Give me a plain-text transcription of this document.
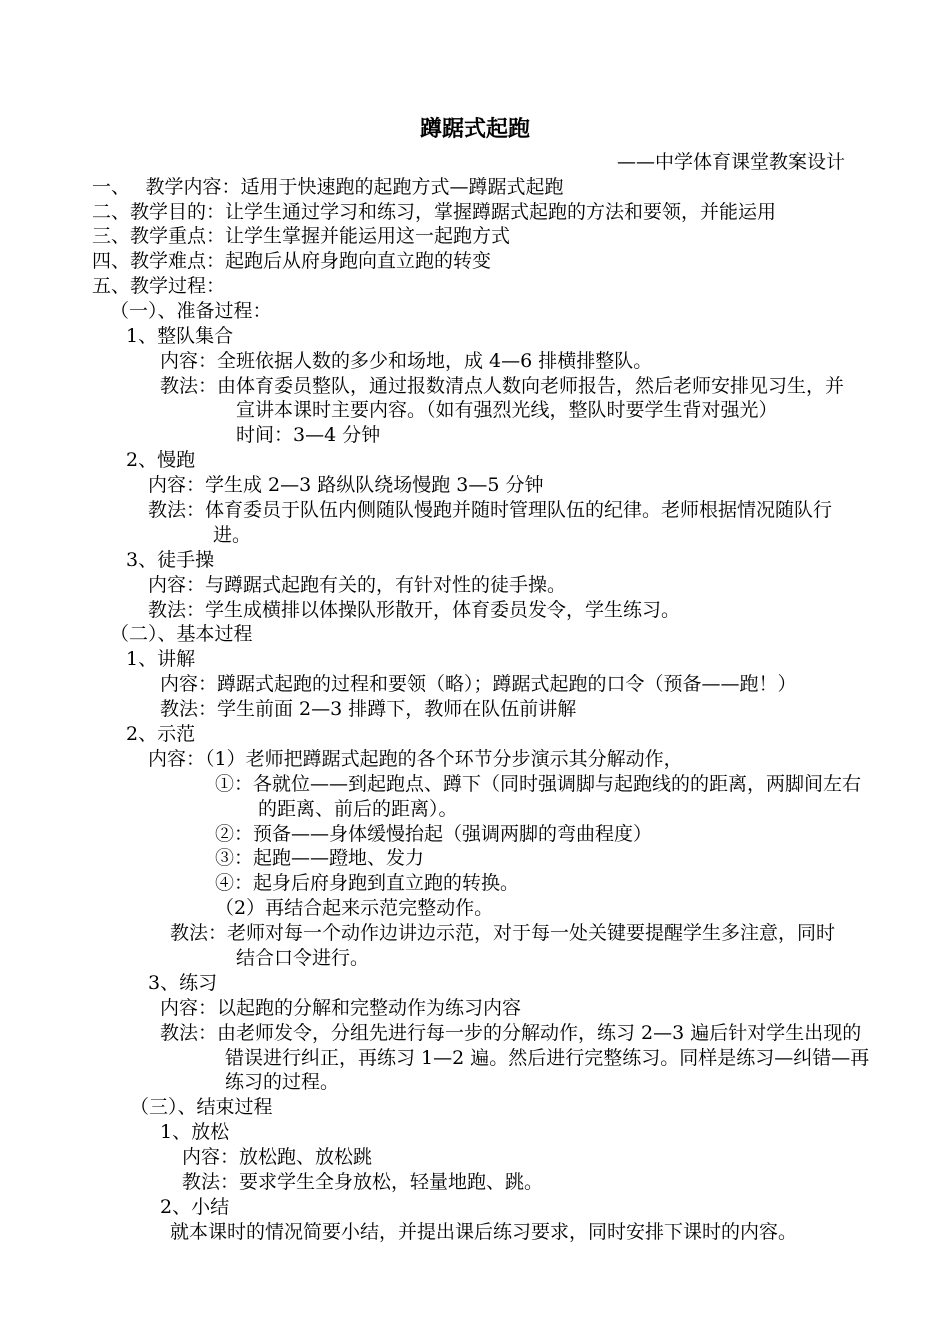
蹲踞式起跑
——中学体育课堂教案设计
一、　 教学内容：适用于快速跑的起跑方式—蹲踞式起跑
二、教学目的：让学生通过学习和练习，掌握蹲踞式起跑的方法和要领，并能运用
三、教学重点：让学生掌握并能运用这一起跑方式
四、教学难点：起跑后从府身跑向直立跑的转变
五、教学过程：
（一）、准备过程：
1、整队集合
内容：全班依据人数的多少和场地，成 4—6 排横排整队。
教法：由体育委员整队，通过报数清点人数向老师报告，然后老师安排见习生，并
宣讲本课时主要内容。（如有强烈光线，整队时要学生背对强光）
时间：3—4 分钟
2、慢跑
内容：学生成 2—3 路纵队绕场慢跑 3—5 分钟
教法：体育委员于队伍内侧随队慢跑并随时管理队伍的纪律。老师根据情况随队行
进。
3、徒手操
内容：与蹲踞式起跑有关的，有针对性的徒手操。
教法：学生成横排以体操队形散开，体育委员发令，学生练习。
（二）、基本过程
1、讲解
内容：蹲踞式起跑的过程和要领（略）；蹲踞式起跑的口令（预备——跑！）
教法：学生前面 2—3 排蹲下，教师在队伍前讲解
2、示范
内容：（1）老师把蹲踞式起跑的各个环节分步演示其分解动作，
①：各就位——到起跑点、蹲下（同时强调脚与起跑线的的距离，两脚间左右
的距离、前后的距离）。
②：预备——身体缓慢抬起（强调两脚的弯曲程度）
③：起跑——蹬地、发力
④：起身后府身跑到直立跑的转换。
（2）再结合起来示范完整动作。
教法：老师对每一个动作边讲边示范，对于每一处关键要提醒学生多注意，同时
结合口令进行。
3、练习
内容：以起跑的分解和完整动作为练习内容
教法：由老师发令，分组先进行每一步的分解动作，练习 2—3 遍后针对学生出现的
错误进行纠正，再练习 1—2 遍。然后进行完整练习。同样是练习—纠错—再
练习的过程。
（三）、结束过程
1、放松
内容：放松跑、放松跳
教法：要求学生全身放松，轻量地跑、跳。
2、小结
就本课时的情况简要小结，并提出课后练习要求，同时安排下课时的内容。
